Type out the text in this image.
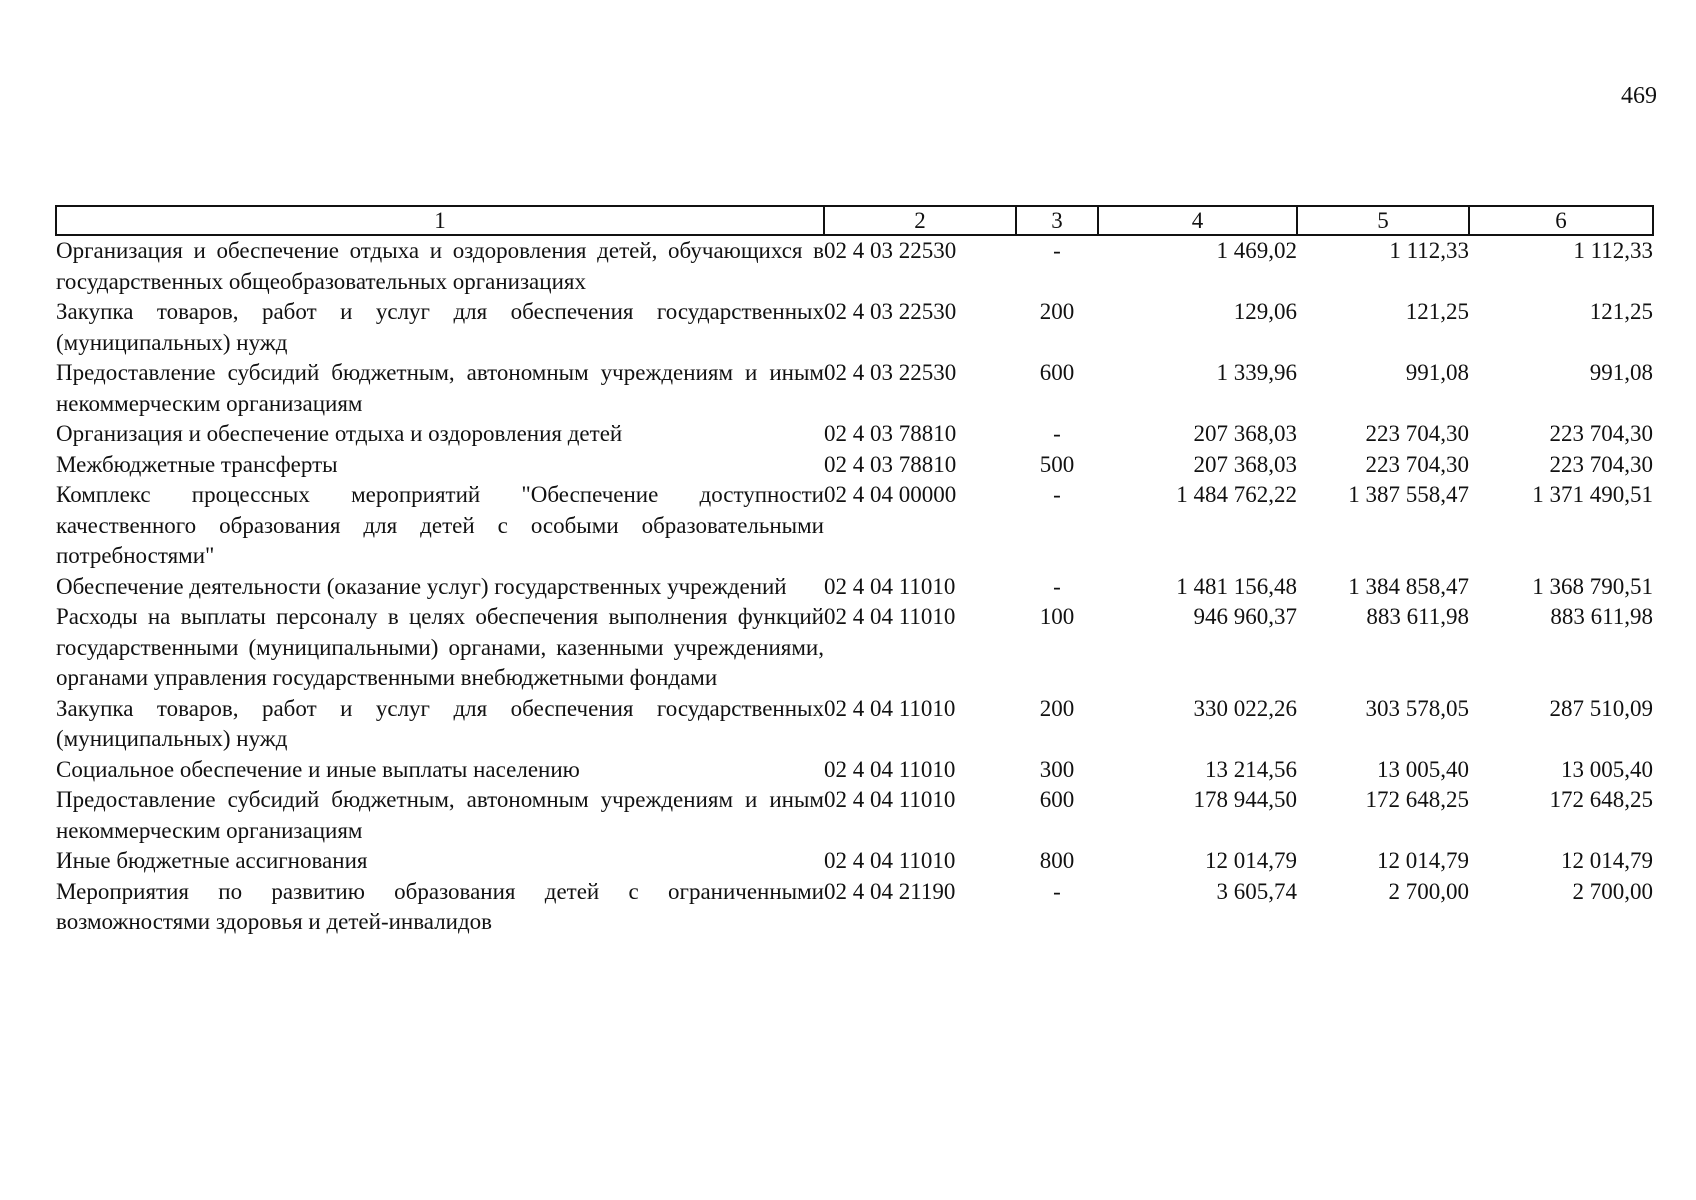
469
1	2	3	4	5	6
Организация и обеспечение отдыха и оздоровления детей, обучающихся в государственных общеобразовательных организациях	02 4 03 22530	-	1 469,02	1 112,33	1 112,33
Закупка товаров, работ и услуг для обеспечения государственных (муниципальных) нужд	02 4 03 22530	200	129,06	121,25	121,25
Предоставление субсидий бюджетным, автономным учреждениям и иным некоммерческим организациям	02 4 03 22530	600	1 339,96	991,08	991,08
Организация и обеспечение отдыха и оздоровления детей	02 4 03 78810	-	207 368,03	223 704,30	223 704,30
Межбюджетные трансферты	02 4 03 78810	500	207 368,03	223 704,30	223 704,30
Комплекс процессных мероприятий "Обеспечение доступности качественного образования для детей с особыми образовательными потребностями"	02 4 04 00000	-	1 484 762,22	1 387 558,47	1 371 490,51
Обеспечение деятельности (оказание услуг) государственных учреждений	02 4 04 11010	-	1 481 156,48	1 384 858,47	1 368 790,51
Расходы на выплаты персоналу в целях обеспечения выполнения функций государственными (муниципальными) органами, казенными учреждениями, органами управления государственными внебюджетными фондами	02 4 04 11010	100	946 960,37	883 611,98	883 611,98
Закупка товаров, работ и услуг для обеспечения государственных (муниципальных) нужд	02 4 04 11010	200	330 022,26	303 578,05	287 510,09
Социальное обеспечение и иные выплаты населению	02 4 04 11010	300	13 214,56	13 005,40	13 005,40
Предоставление субсидий бюджетным, автономным учреждениям и иным некоммерческим организациям	02 4 04 11010	600	178 944,50	172 648,25	172 648,25
Иные бюджетные ассигнования	02 4 04 11010	800	12 014,79	12 014,79	12 014,79
Мероприятия по развитию образования детей с ограниченными возможностями здоровья и детей-инвалидов	02 4 04 21190	-	3 605,74	2 700,00	2 700,00
